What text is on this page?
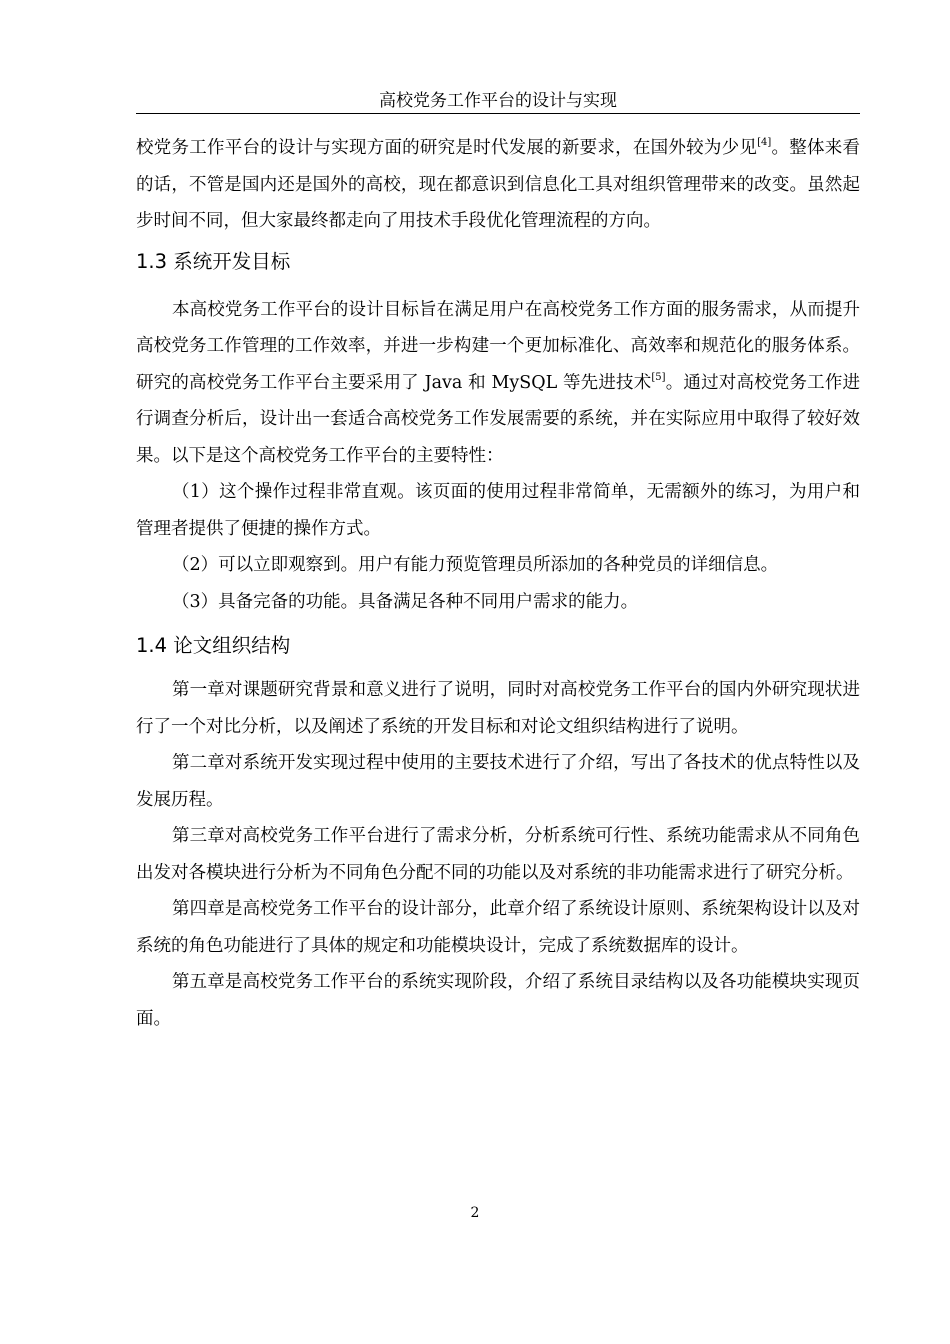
高校党务工作平台的设计与实现

校党务工作平台的设计与实现方面的研究是时代发展的新要求，在国外较为少见[4]。整体来看的话，不管是国内还是国外的高校，现在都意识到信息化工具对组织管理带来的改变。虽然起步时间不同，但大家最终都走向了用技术手段优化管理流程的方向。

1.3 系统开发目标

本高校党务工作平台的设计目标旨在满足用户在高校党务工作方面的服务需求，从而提升高校党务工作管理的工作效率，并进一步构建一个更加标准化、高效率和规范化的服务体系。研究的高校党务工作平台主要采用了 Java 和 MySQL 等先进技术[5]。通过对高校党务工作进行调查分析后，设计出一套适合高校党务工作发展需要的系统，并在实际应用中取得了较好效果。以下是这个高校党务工作平台的主要特性：

（1）这个操作过程非常直观。该页面的使用过程非常简单，无需额外的练习，为用户和管理者提供了便捷的操作方式。

（2）可以立即观察到。用户有能力预览管理员所添加的各种党员的详细信息。

（3）具备完备的功能。具备满足各种不同用户需求的能力。

1.4 论文组织结构

第一章对课题研究背景和意义进行了说明，同时对高校党务工作平台的国内外研究现状进行了一个对比分析，以及阐述了系统的开发目标和对论文组织结构进行了说明。

第二章对系统开发实现过程中使用的主要技术进行了介绍，写出了各技术的优点特性以及发展历程。

第三章对高校党务工作平台进行了需求分析，分析系统可行性、系统功能需求从不同角色出发对各模块进行分析为不同角色分配不同的功能以及对系统的非功能需求进行了研究分析。

第四章是高校党务工作平台的设计部分，此章介绍了系统设计原则、系统架构设计以及对系统的角色功能进行了具体的规定和功能模块设计，完成了系统数据库的设计。

第五章是高校党务工作平台的系统实现阶段，介绍了系统目录结构以及各功能模块实现页面。

2
